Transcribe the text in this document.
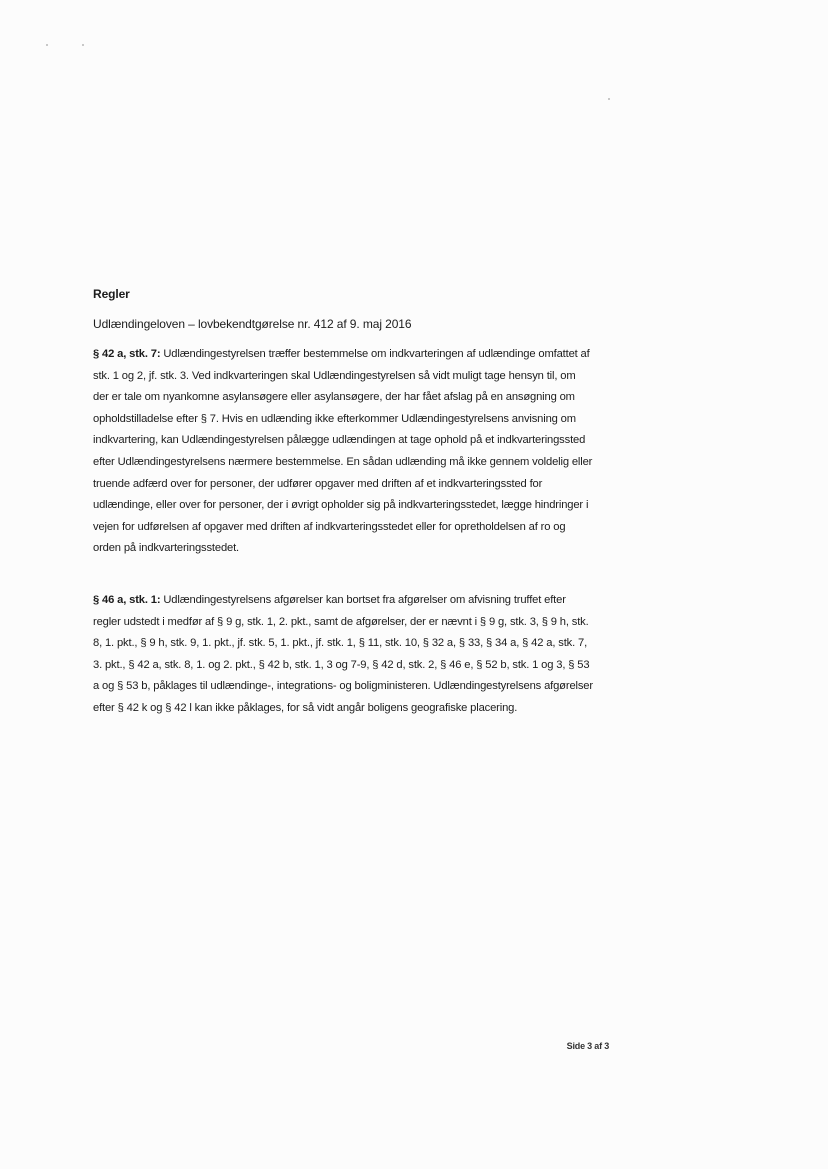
Regler
Udlændingeloven – lovbekendtgørelse nr. 412 af 9. maj 2016

§ 42 a, stk. 7: Udlændingestyrelsen træffer bestemmelse om indkvarteringen af udlændinge omfattet af stk. 1 og 2, jf. stk. 3. Ved indkvarteringen skal Udlændingestyrelsen så vidt muligt tage hensyn til, om der er tale om nyankomne asylansøgere eller asylansøgere, der har fået afslag på en ansøgning om opholdstilladelse efter § 7. Hvis en udlænding ikke efterkommer Udlændingestyrelsens anvisning om indkvartering, kan Udlændingestyrelsen pålægge udlændingen at tage ophold på et indkvarteringssted efter Udlændingestyrelsens nærmere bestemmelse. En sådan udlænding må ikke gennem voldelig eller truende adfærd over for personer, der udfører opgaver med driften af et indkvarteringssted for udlændinge, eller over for personer, der i øvrigt opholder sig på indkvarteringsstedet, lægge hindringer i vejen for udførelsen af opgaver med driften af indkvarteringsstedet eller for opretholdelsen af ro og orden på indkvarteringsstedet.

§ 46 a, stk. 1: Udlændingestyrelsens afgørelser kan bortset fra afgørelser om afvisning truffet efter regler udstedt i medfør af § 9 g, stk. 1, 2. pkt., samt de afgørelser, der er nævnt i § 9 g, stk. 3, § 9 h, stk. 8, 1. pkt., § 9 h, stk. 9, 1. pkt., jf. stk. 5, 1. pkt., jf. stk. 1, § 11, stk. 10, § 32 a, § 33, § 34 a, § 42 a, stk. 7, 3. pkt., § 42 a, stk. 8, 1. og 2. pkt., § 42 b, stk. 1, 3 og 7-9, § 42 d, stk. 2, § 46 e, § 52 b, stk. 1 og 3, § 53 a og § 53 b, påklages til udlændinge-, integrations- og boligministeren. Udlændingestyrelsens afgørelser efter § 42 k og § 42 l kan ikke påklages, for så vidt angår boligens geografiske placering.

Side 3 af 3
